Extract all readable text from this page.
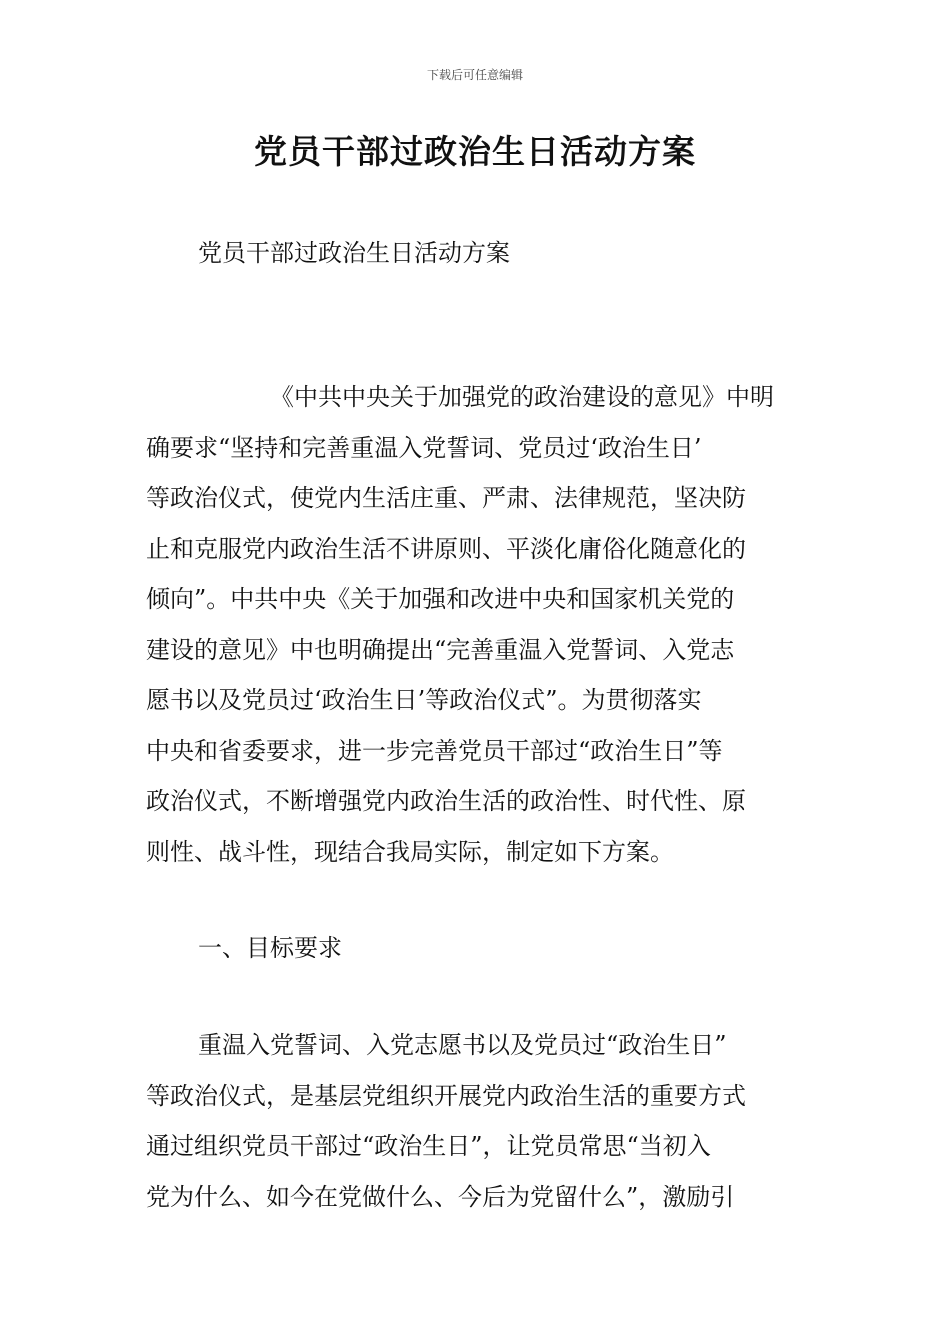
下载后可任意编辑
党员干部过政治生日活动方案
党员干部过政治生日活动方案
《中共中央关于加强党的政治建设的意见》中明
确要求“坚持和完善重温入党誓词、党员过‘政治生日’
等政治仪式，使党内生活庄重、严肃、法律规范，坚决防
止和克服党内政治生活不讲原则、平淡化庸俗化随意化的
倾向”。中共中央《关于加强和改进中央和国家机关党的
建设的意见》中也明确提出“完善重温入党誓词、入党志
愿书以及党员过‘政治生日’等政治仪式”。为贯彻落实
中央和省委要求，进一步完善党员干部过“政治生日”等
政治仪式，不断增强党内政治生活的政治性、时代性、原
则性、战斗性，现结合我局实际，制定如下方案。
一、目标要求
重温入党誓词、入党志愿书以及党员过“政治生日”
等政治仪式，是基层党组织开展党内政治生活的重要方式
通过组织党员干部过“政治生日”，让党员常思“当初入
党为什么、如今在党做什么、今后为党留什么”，激励引
